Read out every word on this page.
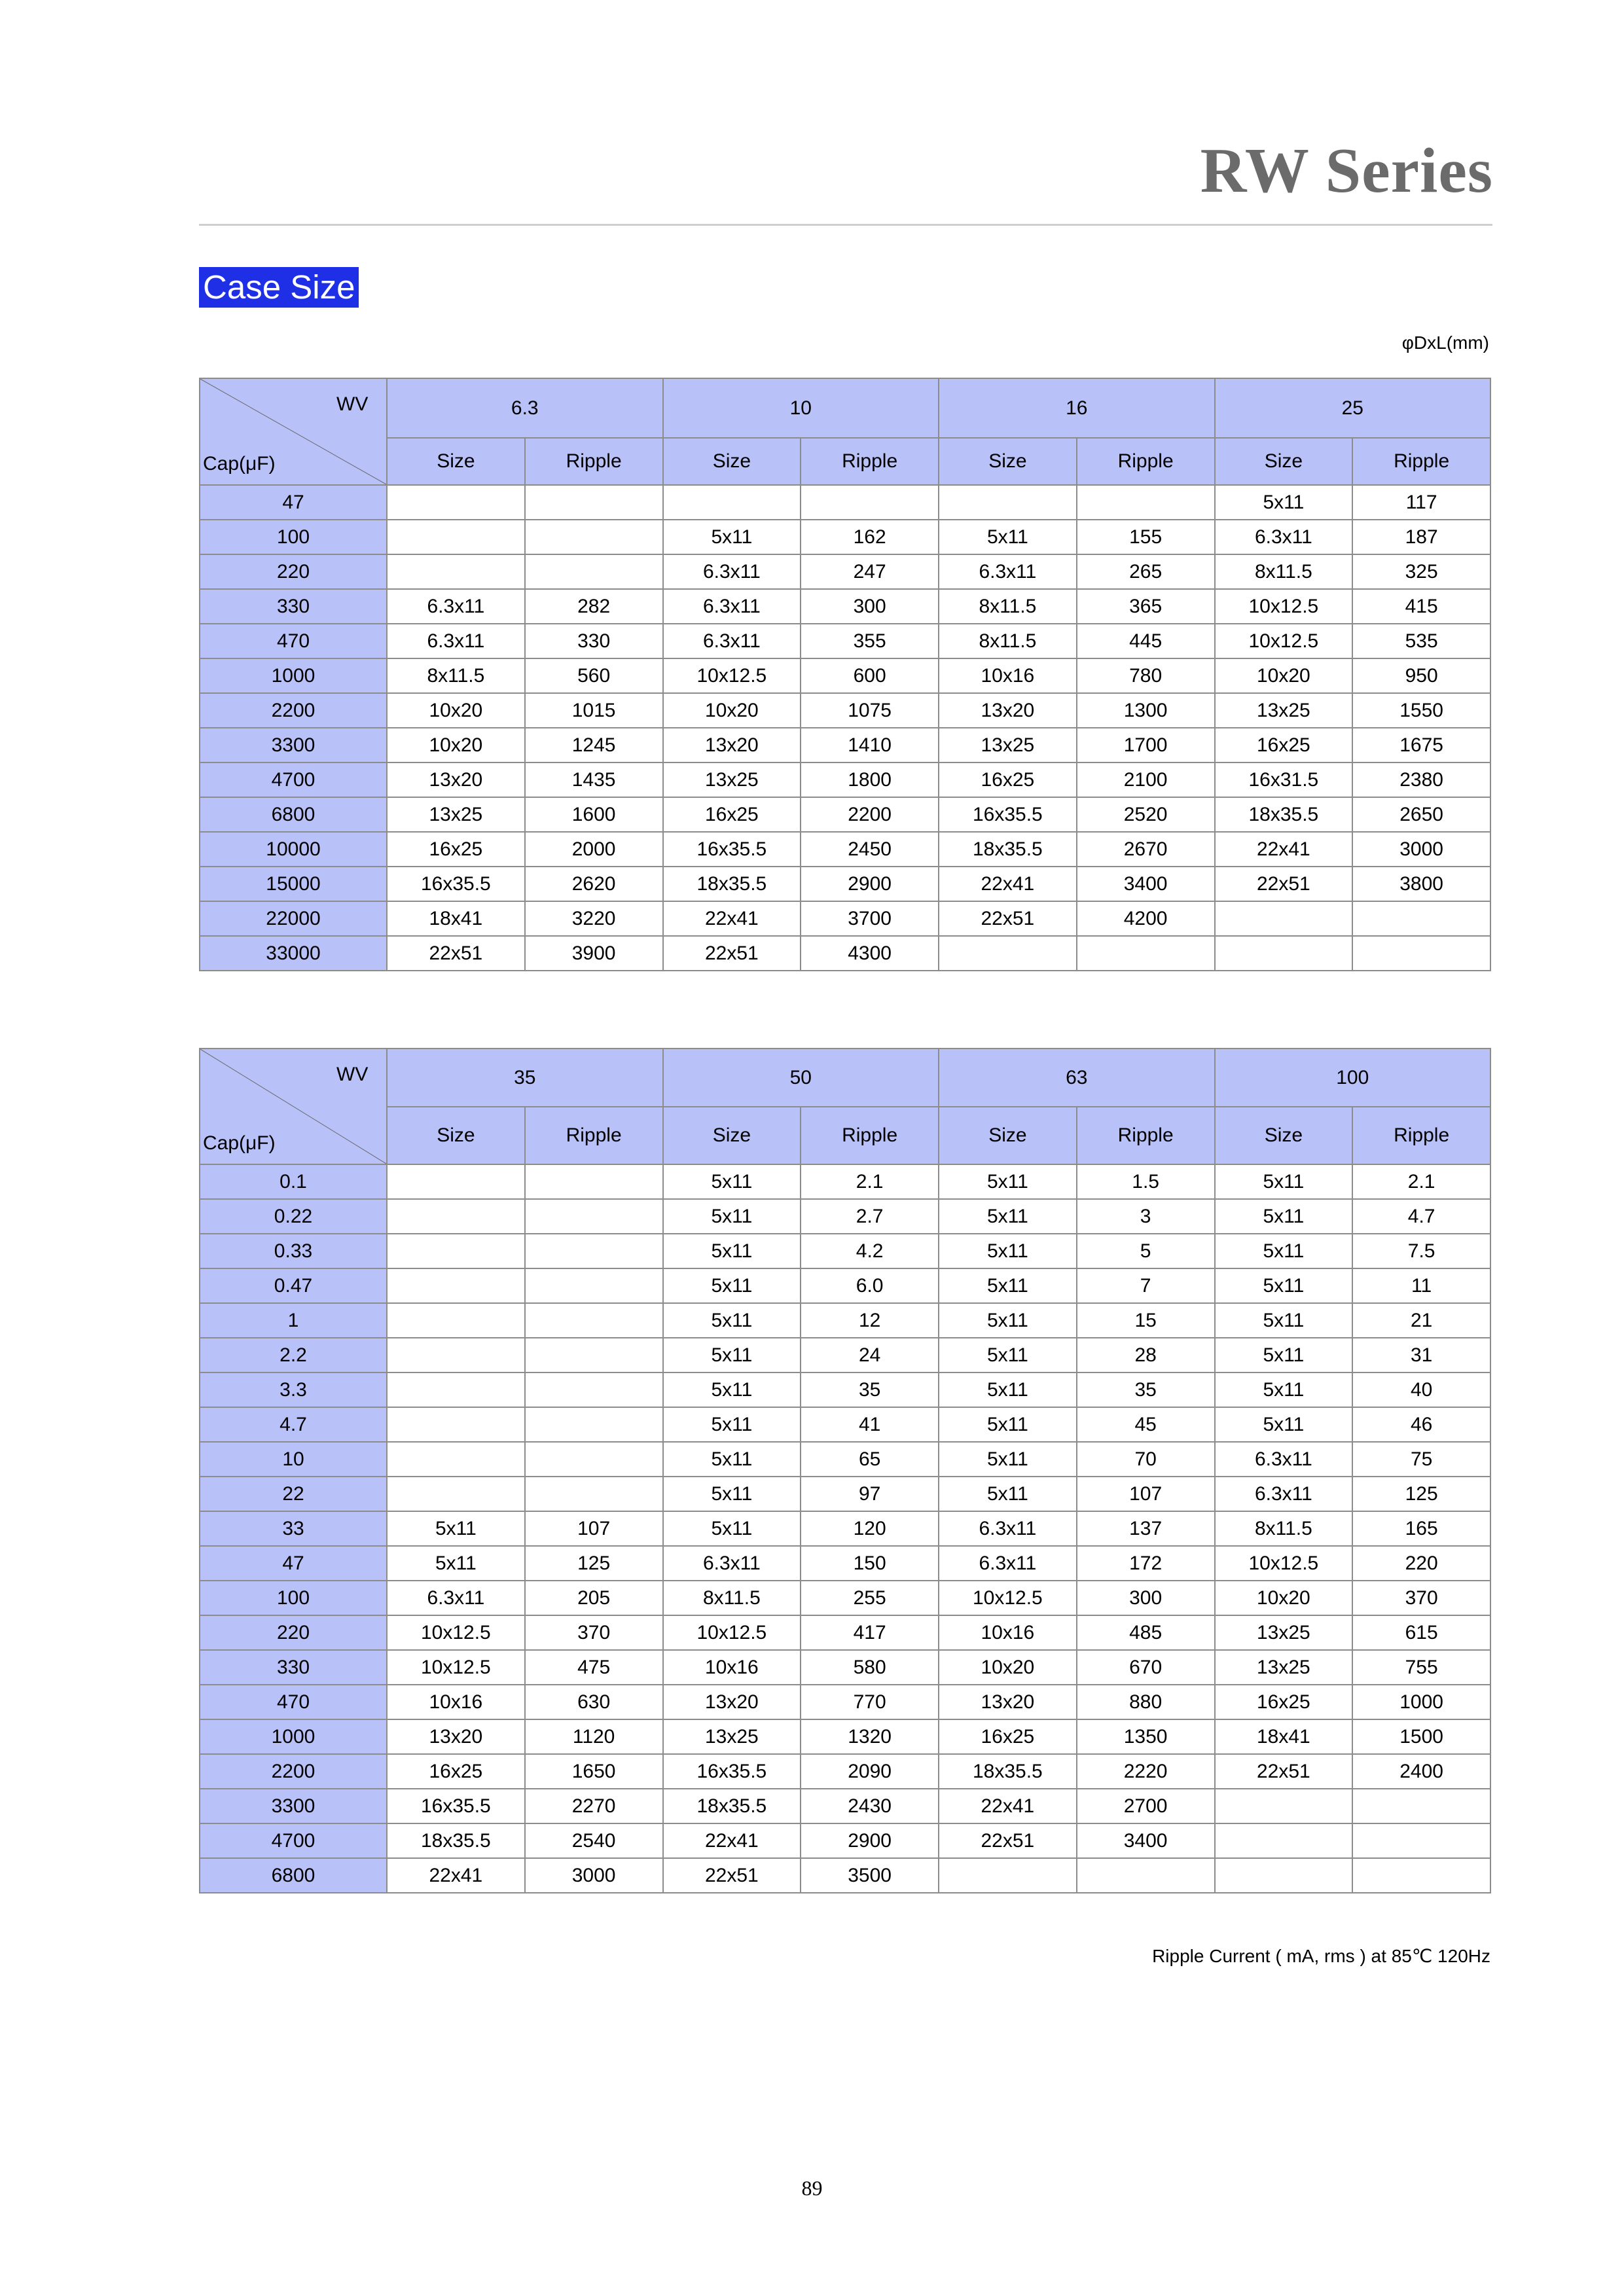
RW Series
Case Size
φDxL(mm)
WV
Cap(μF)	6.3		10		16		25	
	Size	Ripple	Size	Ripple	Size	Ripple	Size	Ripple
47							5x11	117
100			5x11	162	5x11	155	6.3x11	187
220			6.3x11	247	6.3x11	265	8x11.5	325
330	6.3x11	282	6.3x11	300	8x11.5	365	10x12.5	415
470	6.3x11	330	6.3x11	355	8x11.5	445	10x12.5	535
1000	8x11.5	560	10x12.5	600	10x16	780	10x20	950
2200	10x20	1015	10x20	1075	13x20	1300	13x25	1550
3300	10x20	1245	13x20	1410	13x25	1700	16x25	1675
4700	13x20	1435	13x25	1800	16x25	2100	16x31.5	2380
6800	13x25	1600	16x25	2200	16x35.5	2520	18x35.5	2650
10000	16x25	2000	16x35.5	2450	18x35.5	2670	22x41	3000
15000	16x35.5	2620	18x35.5	2900	22x41	3400	22x51	3800
22000	18x41	3220	22x41	3700	22x51	4200		
33000	22x51	3900	22x51	4300				
WV
Cap(μF)	35		50		63		100	
	Size	Ripple	Size	Ripple	Size	Ripple	Size	Ripple
0.1			5x11	2.1	5x11	1.5	5x11	2.1
0.22			5x11	2.7	5x11	3	5x11	4.7
0.33			5x11	4.2	5x11	5	5x11	7.5
0.47			5x11	6.0	5x11	7	5x11	11
1			5x11	12	5x11	15	5x11	21
2.2			5x11	24	5x11	28	5x11	31
3.3			5x11	35	5x11	35	5x11	40
4.7			5x11	41	5x11	45	5x11	46
10			5x11	65	5x11	70	6.3x11	75
22			5x11	97	5x11	107	6.3x11	125
33	5x11	107	5x11	120	6.3x11	137	8x11.5	165
47	5x11	125	6.3x11	150	6.3x11	172	10x12.5	220
100	6.3x11	205	8x11.5	255	10x12.5	300	10x20	370
220	10x12.5	370	10x12.5	417	10x16	485	13x25	615
330	10x12.5	475	10x16	580	10x20	670	13x25	755
470	10x16	630	13x20	770	13x20	880	16x25	1000
1000	13x20	1120	13x25	1320	16x25	1350	18x41	1500
2200	16x25	1650	16x35.5	2090	18x35.5	2220	22x51	2400
3300	16x35.5	2270	18x35.5	2430	22x41	2700		
4700	18x35.5	2540	22x41	2900	22x51	3400		
6800	22x41	3000	22x51	3500				
Ripple Current ( mA, rms ) at 85℃ 120Hz
89
